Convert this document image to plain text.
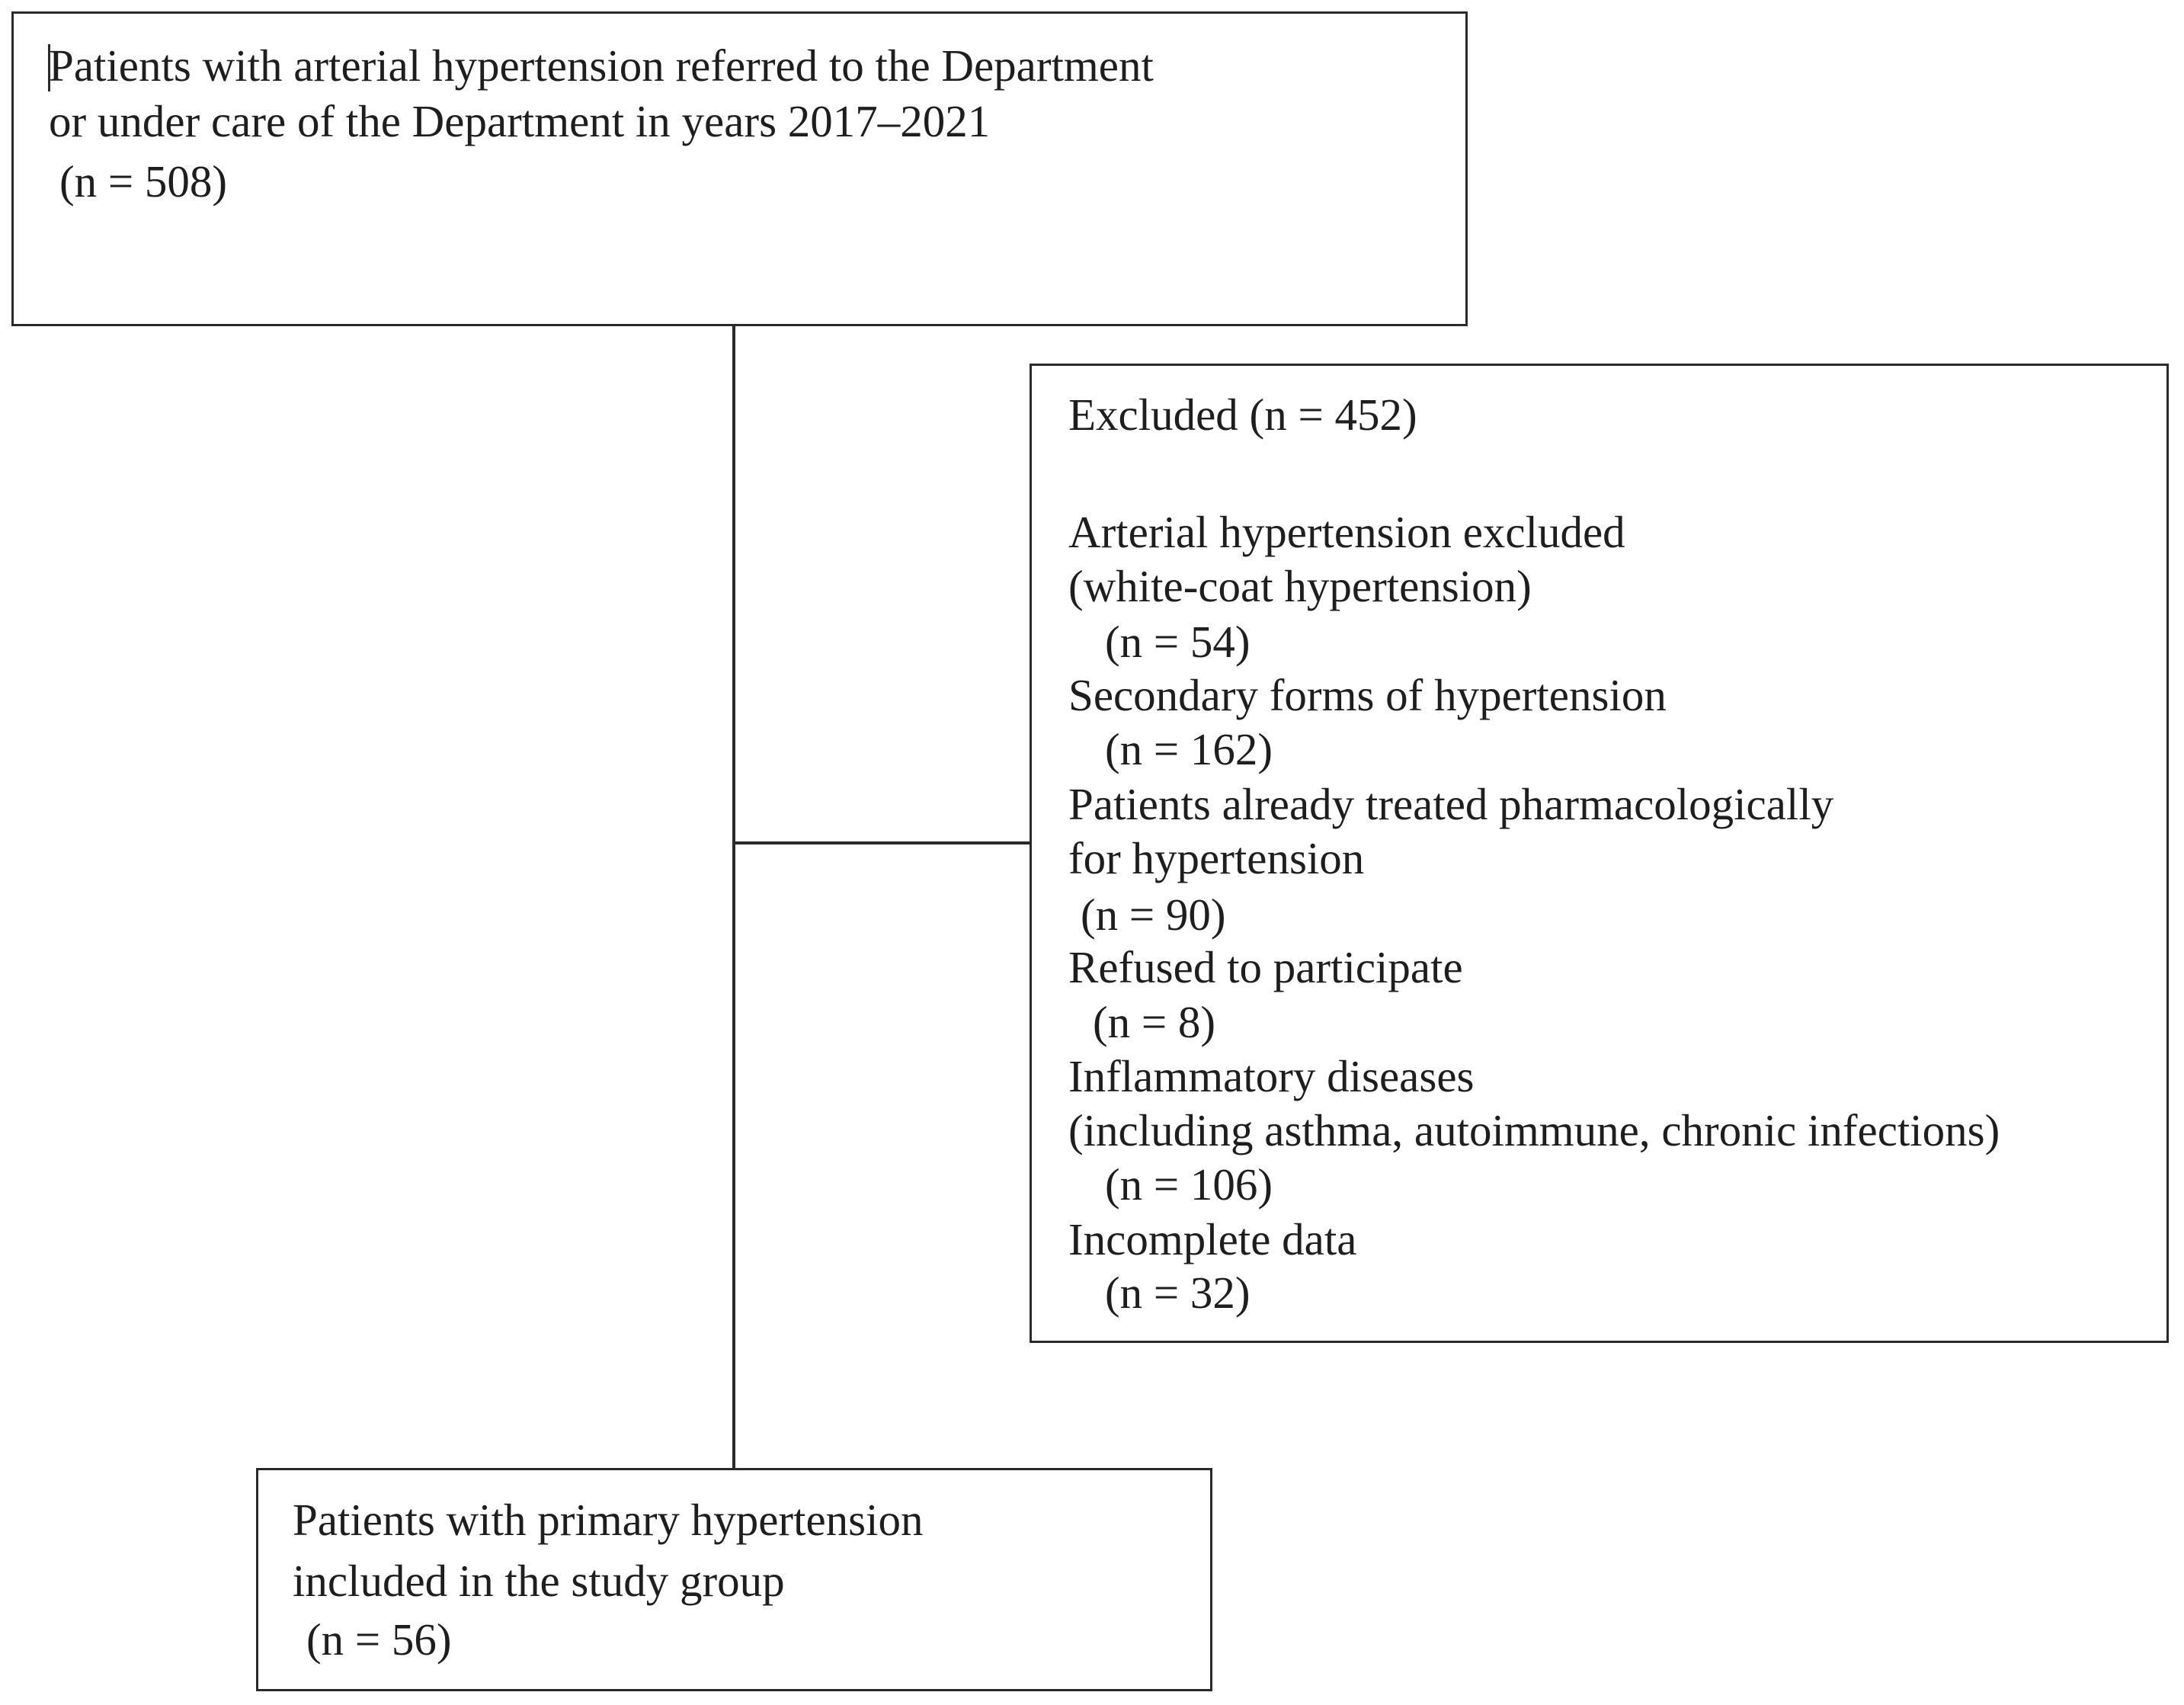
Patients with arterial hypertension referred to the Department
or under care of the Department in years 2017–2021
(n = 508)
Excluded (n = 452)
Arterial hypertension excluded
(white-coat hypertension)
(n = 54)
Secondary forms of hypertension
(n = 162)
Patients already treated pharmacologically
for hypertension
(n = 90)
Refused to participate
(n = 8)
Inflammatory diseases
(including asthma, autoimmune, chronic infections)
(n = 106)
Incomplete data
(n = 32)
Patients with primary hypertension
included in the study group
(n = 56)
